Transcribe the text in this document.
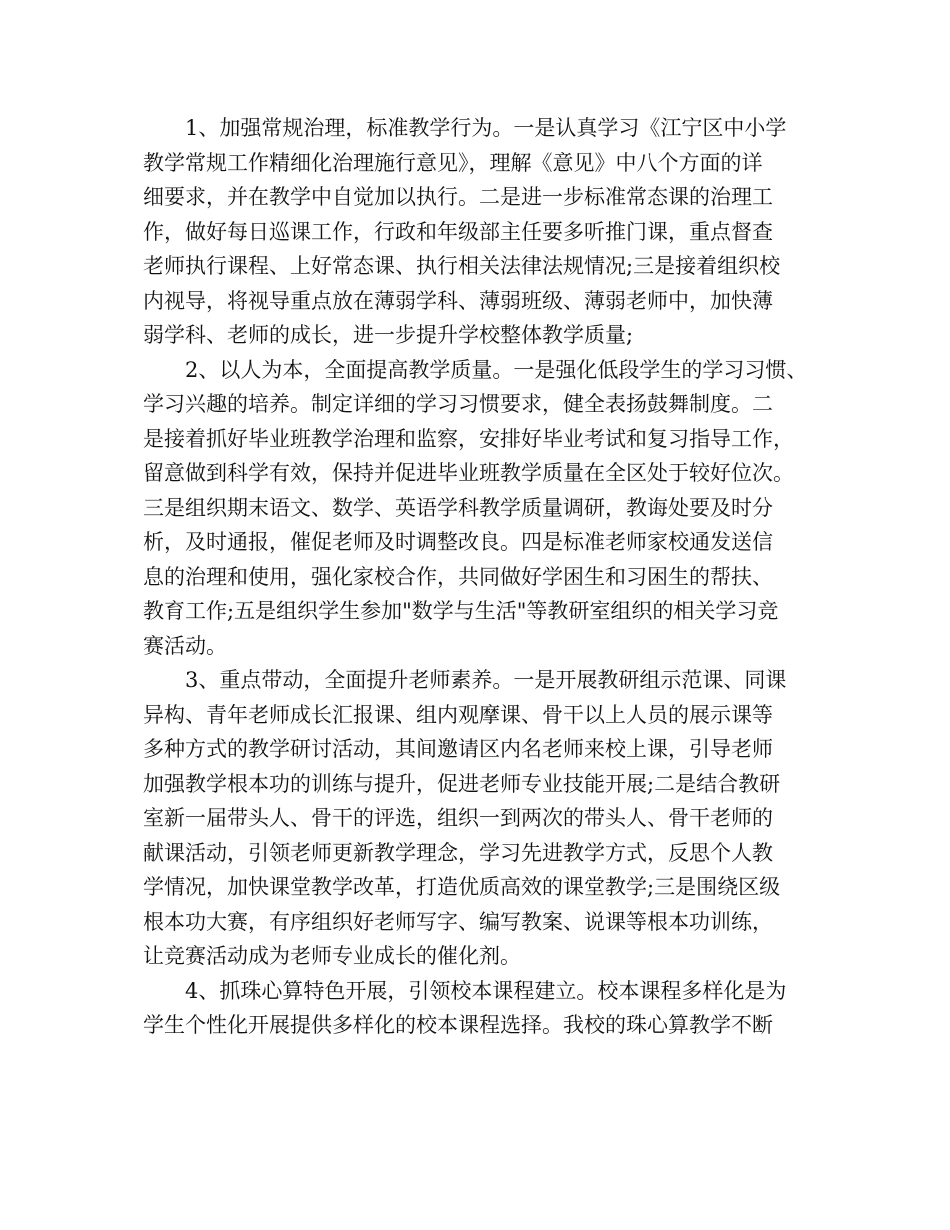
1、加强常规治理，标准教学行为。一是认真学习《江宁区中小学
教学常规工作精细化治理施行意见》，理解《意见》中八个方面的详
细要求，并在教学中自觉加以执行。二是进一步标准常态课的治理工
作，做好每日巡课工作，行政和年级部主任要多听推门课，重点督查
老师执行课程、上好常态课、执行相关法律法规情况;三是接着组织校
内视导，将视导重点放在薄弱学科、薄弱班级、薄弱老师中，加快薄
弱学科、老师的成长，进一步提升学校整体教学质量;
2、以人为本，全面提高教学质量。一是强化低段学生的学习习惯、
学习兴趣的培养。制定详细的学习习惯要求，健全表扬鼓舞制度。二
是接着抓好毕业班教学治理和监察，安排好毕业考试和复习指导工作，
留意做到科学有效，保持并促进毕业班教学质量在全区处于较好位次。
三是组织期末语文、数学、英语学科教学质量调研，教诲处要及时分
析，及时通报，催促老师及时调整改良。四是标准老师家校通发送信
息的治理和使用，强化家校合作，共同做好学困生和习困生的帮扶、
教育工作;五是组织学生参加"数学与生活"等教研室组织的相关学习竞
赛活动。
3、重点带动，全面提升老师素养。一是开展教研组示范课、同课
异构、青年老师成长汇报课、组内观摩课、骨干以上人员的展示课等
多种方式的教学研讨活动，其间邀请区内名老师来校上课，引导老师
加强教学根本功的训练与提升，促进老师专业技能开展;二是结合教研
室新一届带头人、骨干的评选，组织一到两次的带头人、骨干老师的
献课活动，引领老师更新教学理念，学习先进教学方式，反思个人教
学情况，加快课堂教学改革，打造优质高效的课堂教学;三是围绕区级
根本功大赛，有序组织好老师写字、编写教案、说课等根本功训练，
让竞赛活动成为老师专业成长的催化剂。
4、抓珠心算特色开展，引领校本课程建立。校本课程多样化是为
学生个性化开展提供多样化的校本课程选择。我校的珠心算教学不断
